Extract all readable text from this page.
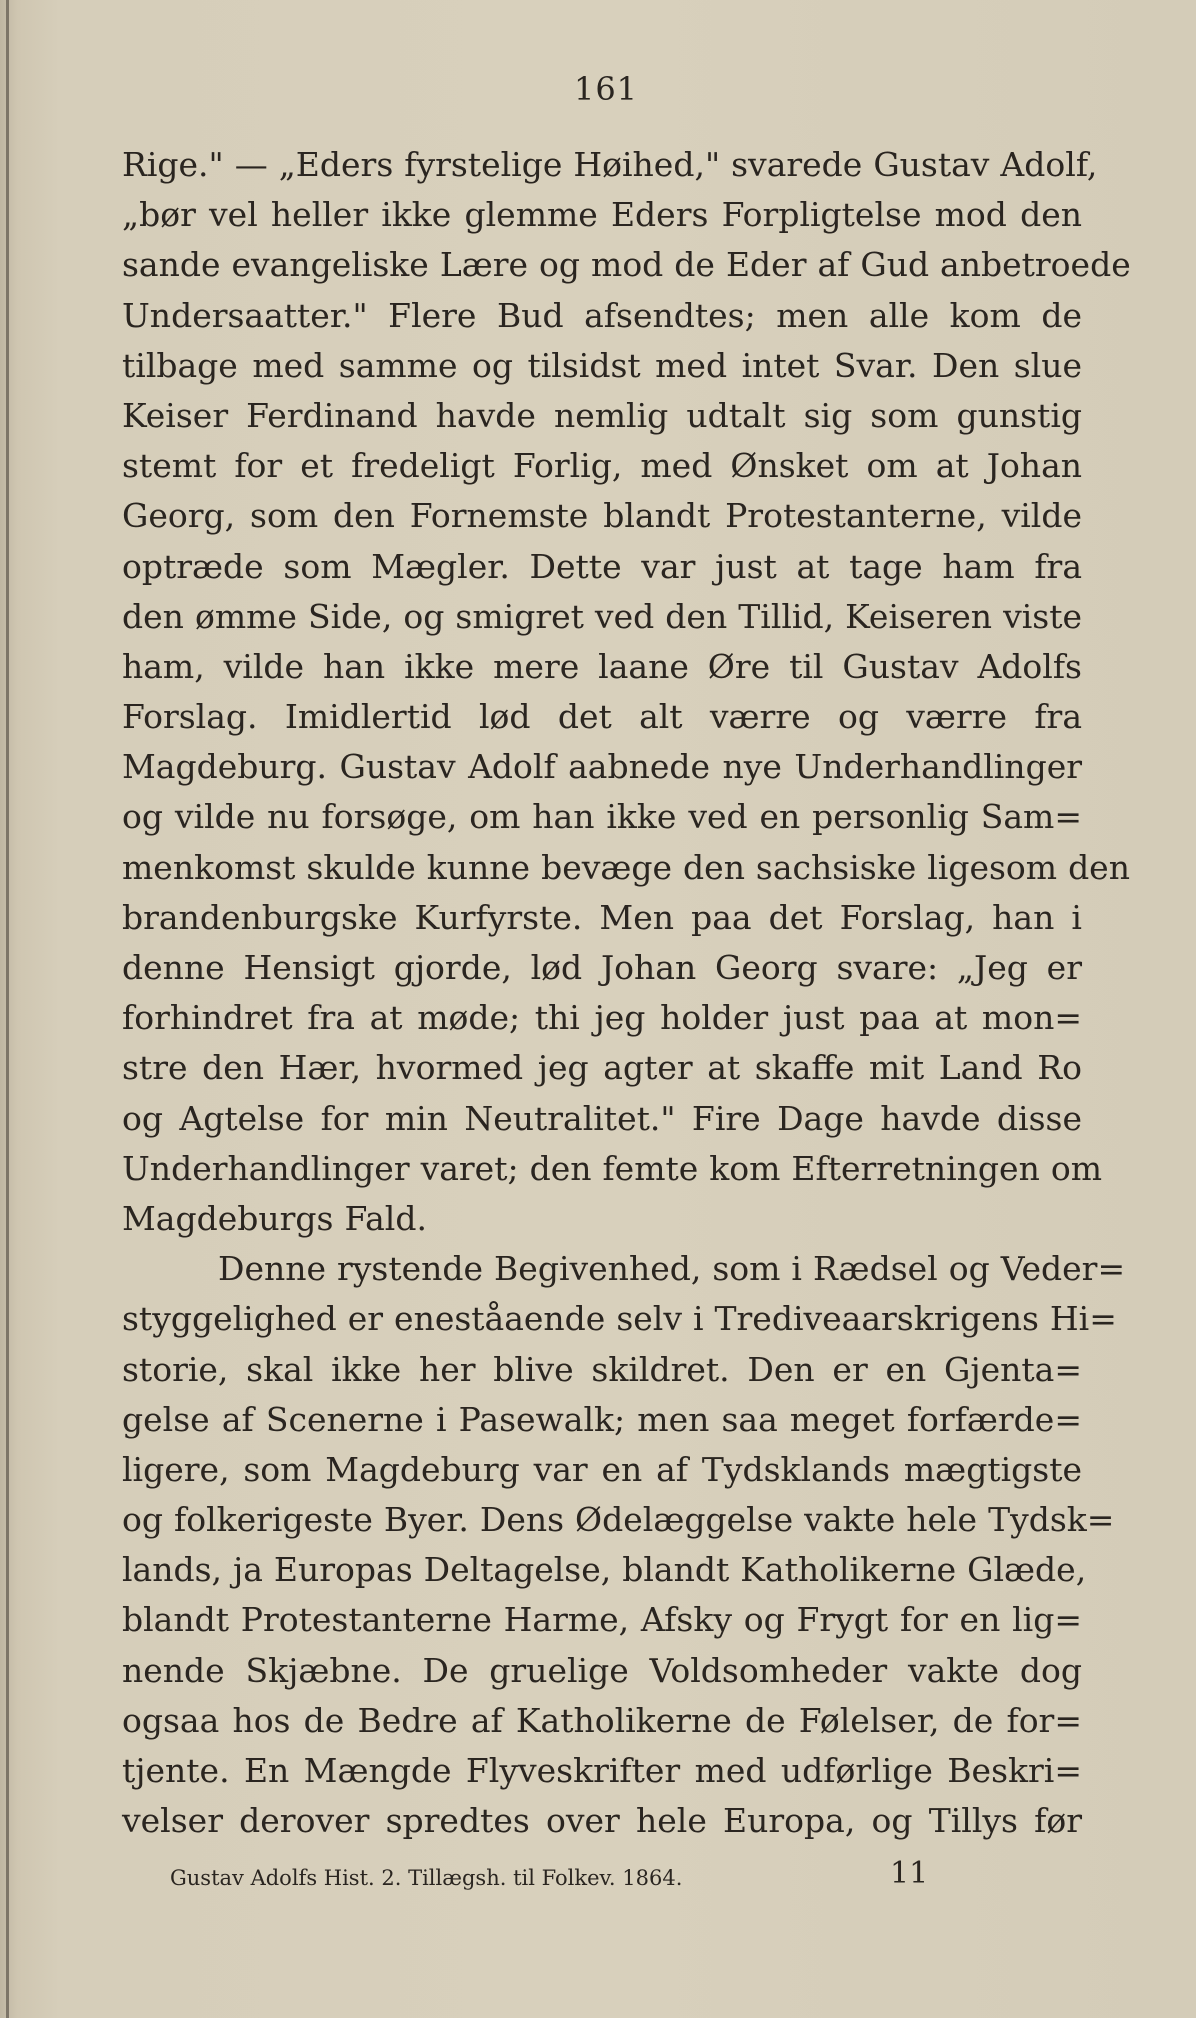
161
Rige." — „Eders fyrstelige Høihed," svarede Gustav Adolf,
„bør vel heller ikke glemme Eders Forpligtelse mod den
sande evangeliske Lære og mod de Eder af Gud anbetroede
Undersaatter." Flere Bud afsendtes; men alle kom de
tilbage med samme og tilsidst med intet Svar. Den slue
Keiser Ferdinand havde nemlig udtalt sig som gunstig
stemt for et fredeligt Forlig, med Ønsket om at Johan
Georg, som den Fornemste blandt Protestanterne, vilde
optræde som Mægler. Dette var just at tage ham fra
den ømme Side, og smigret ved den Tillid, Keiseren viste
ham, vilde han ikke mere laane Øre til Gustav Adolfs
Forslag. Imidlertid lød det alt værre og værre fra
Magdeburg. Gustav Adolf aabnede nye Underhandlinger
og vilde nu forsøge, om han ikke ved en personlig Sam=
menkomst skulde kunne bevæge den sachsiske ligesom den
brandenburgske Kurfyrste. Men paa det Forslag, han i
denne Hensigt gjorde, lød Johan Georg svare: „Jeg er
forhindret fra at møde; thi jeg holder just paa at mon=
stre den Hær, hvormed jeg agter at skaffe mit Land Ro
og Agtelse for min Neutralitet." Fire Dage havde disse
Underhandlinger varet; den femte kom Efterretningen om
Magdeburgs Fald.
Denne rystende Begivenhed, som i Rædsel og Veder=
styggelighed er eneståaende selv i Trediveaarskrigens Hi=
storie, skal ikke her blive skildret. Den er en Gjenta=
gelse af Scenerne i Pasewalk; men saa meget forfærde=
ligere, som Magdeburg var en af Tydsklands mægtigste
og folkerigeste Byer. Dens Ødelæggelse vakte hele Tydsk=
lands, ja Europas Deltagelse, blandt Katholikerne Glæde,
blandt Protestanterne Harme, Afsky og Frygt for en lig=
nende Skjæbne. De gruelige Voldsomheder vakte dog
ogsaa hos de Bedre af Katholikerne de Følelser, de for=
tjente. En Mængde Flyveskrifter med udførlige Beskri=
velser derover spredtes over hele Europa, og Tillys før
Gustav Adolfs Hist. 2. Tillægsh. til Folkev. 1864.	11
